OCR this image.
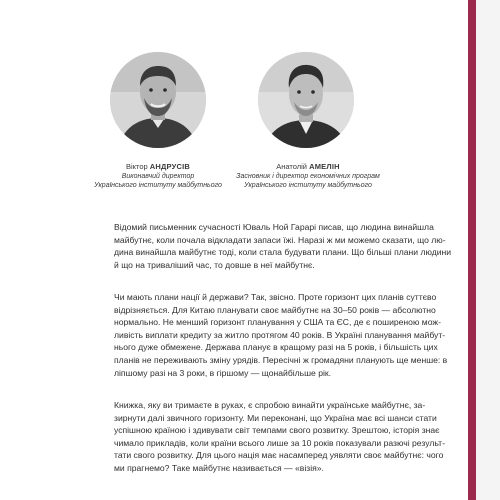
Віктор АНДРУСІВ
Виконавчий директор
Українського інституту майбутнього
Анатолій АМЕЛІН
Засновник і директор економічних програм
Українського інституту майбутнього

Відомий письменник сучасності Юваль Ной Гарарі писав, що людина винайшла
майбутнє, коли почала відкладати запаси їжі. Наразі ж ми можемо сказати, що лю-
дина винайшла майбутнє тоді, коли стала будувати плани. Що більші плани людини
й що на триваліший час, то довше в неї майбутнє.

Чи мають плани нації й держави? Так, звісно. Проте горизонт цих планів суттєво
відрізняється. Для Китаю планувати своє майбутнє на 30–50 років — абсолютно
нормально. Не менший горизонт планування у США та ЄС, де є поширеною мож-
ливість виплати кредиту за житло протягом 40 років. В Україні планування майбут-
нього дуже обмежене. Держава планує в кращому разі на 5 років, і більшість цих
планів не переживають зміну урядів. Пересічні ж громадяни планують ще менше: в
ліпшому разі на 3 роки, в гіршому — щонайбільше рік.

Книжка, яку ви тримаєте в руках, є спробою винайти українське майбутнє, за-
зирнути далі звичного горизонту. Ми переконані, що Україна має всі шанси стати
успішною країною і здивувати світ темпами свого розвитку. Зрештою, історія знає
чимало прикладів, коли країни всього лише за 10 років показували разючі результ-
тати свого розвитку. Для цього нація має насамперед уявляти своє майбутнє: чого
ми прагнемо? Таке майбутнє називається — «візія».
